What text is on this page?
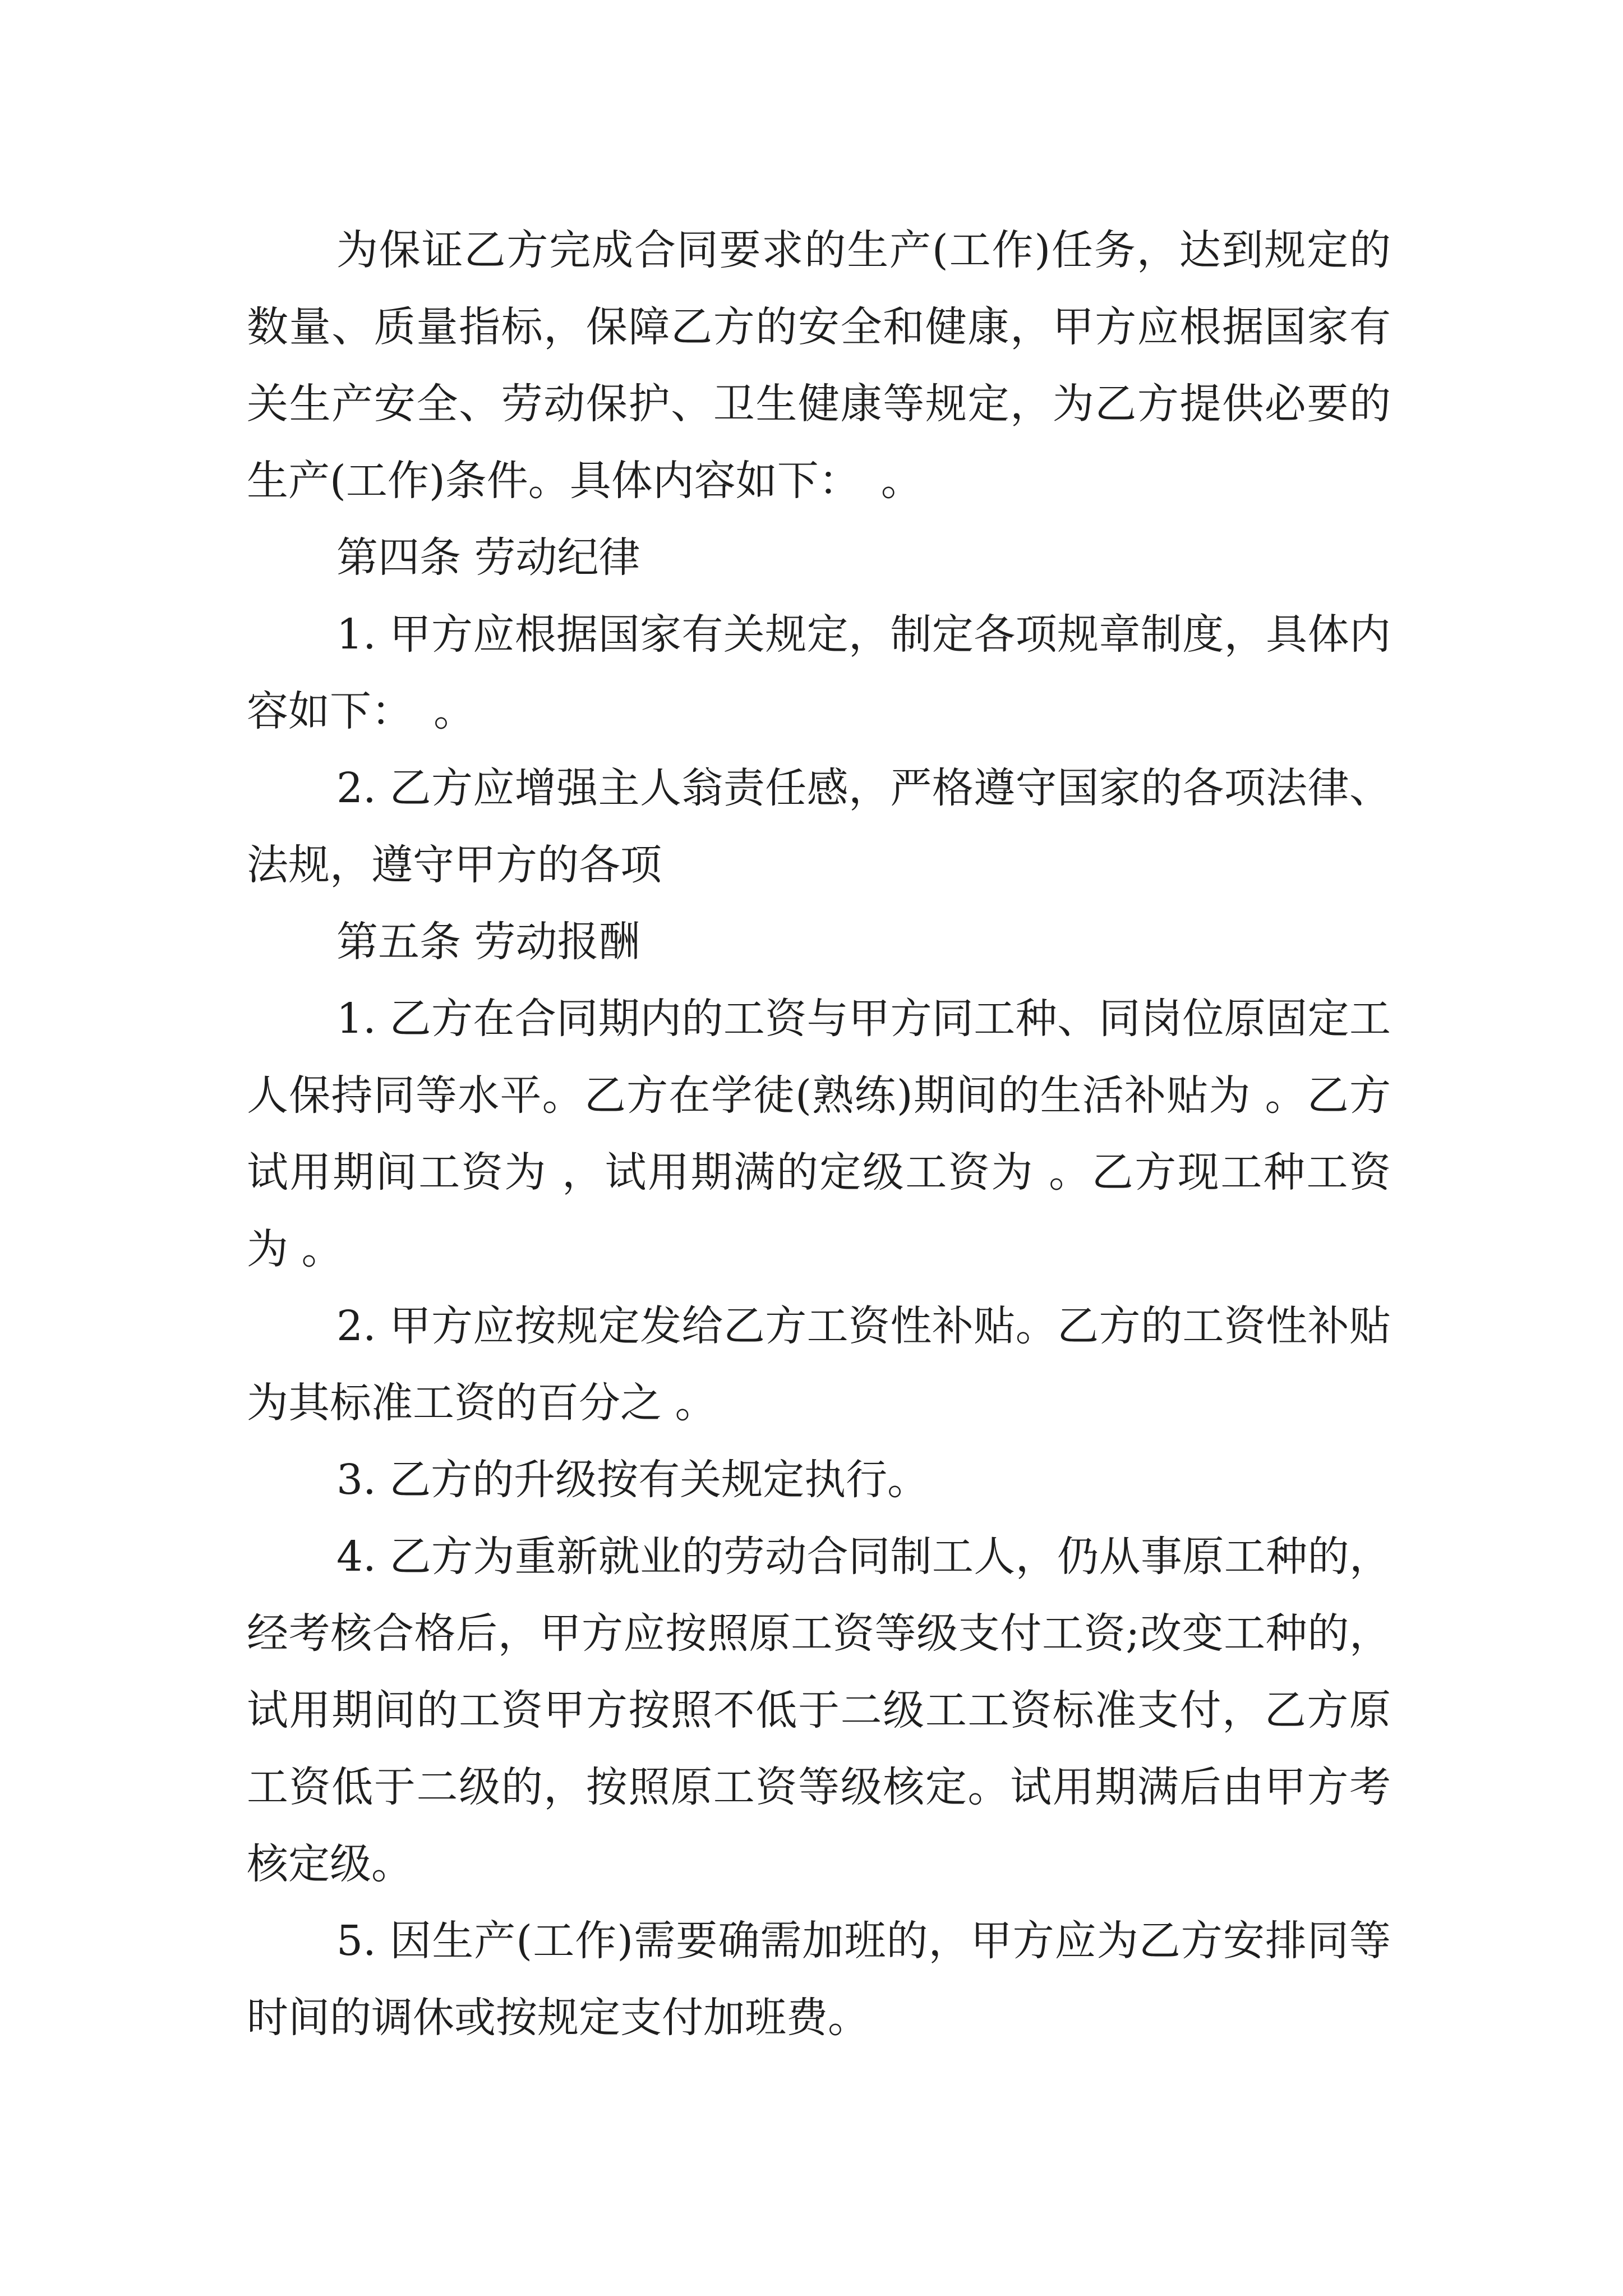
为保证乙方完成合同要求的生产(工作)任务，达到规定的数量、质量指标，保障乙方的安全和健康，甲方应根据国家有关生产安全、劳动保护、卫生健康等规定，为乙方提供必要的生产(工作)条件。具体内容如下：　。

第四条 劳动纪律

1. 甲方应根据国家有关规定，制定各项规章制度，具体内容如下：　。

2. 乙方应增强主人翁责任感，严格遵守国家的各项法律、法规，遵守甲方的各项

第五条 劳动报酬

1. 乙方在合同期内的工资与甲方同工种、同岗位原固定工人保持同等水平。乙方在学徒(熟练)期间的生活补贴为 。乙方试用期间工资为 ，试用期满的定级工资为 。乙方现工种工资为 。

2. 甲方应按规定发给乙方工资性补贴。乙方的工资性补贴为其标准工资的百分之 。

3. 乙方的升级按有关规定执行。

4. 乙方为重新就业的劳动合同制工人，仍从事原工种的，经考核合格后，甲方应按照原工资等级支付工资;改变工种的，试用期间的工资甲方按照不低于二级工工资标准支付，乙方原工资低于二级的，按照原工资等级核定。试用期满后由甲方考核定级。

5. 因生产(工作)需要确需加班的，甲方应为乙方安排同等时间的调休或按规定支付加班费。
